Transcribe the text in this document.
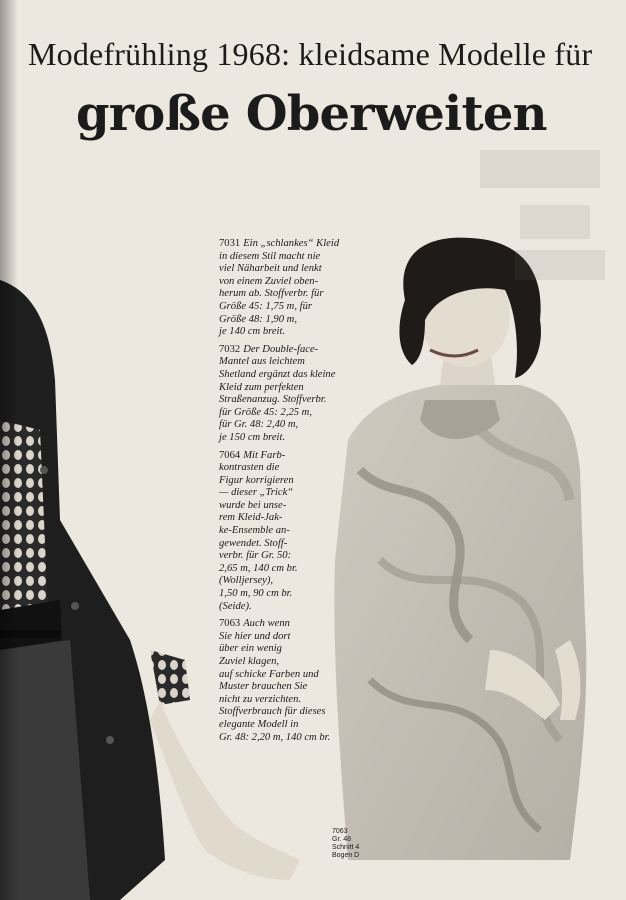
Modefrühling 1968: kleidsame Modelle für
große Oberweiten

7031 Ein „schlankes“ Kleid
in diesem Stil macht nie
viel Näharbeit und lenkt
von einem Zuviel oben-
herum ab. Stoffverbr. für
Größe 45: 1,75 m, für
Größe 48: 1,90 m,
je 140 cm breit.

7032 Der Double-face-
Mantel aus leichtem
Shetland ergänzt das kleine
Kleid zum perfekten
Straßenanzug. Stoffverbr.
für Größe 45: 2,25 m,
für Gr. 48: 2,40 m,
je 150 cm breit.

7064 Mit Farb-
kontrasten die
Figur korrigieren
— dieser „Trick“
wurde bei unse-
rem Kleid-Jak-
ke-Ensemble an-
gewendet. Stoff-
verbr. für Gr. 50:
2,65 m, 140 cm br.
(Wolljersey),
1,50 m, 90 cm br.
(Seide).

7063 Auch wenn
Sie hier und dort
über ein wenig
Zuviel klagen,
auf schicke Farben und
Muster brauchen Sie
nicht zu verzichten.
Stoffverbrauch für dieses
elegante Modell in
Gr. 48: 2,20 m, 140 cm br.

7063
Gr. 48
Schnitt 4
Bogen D
